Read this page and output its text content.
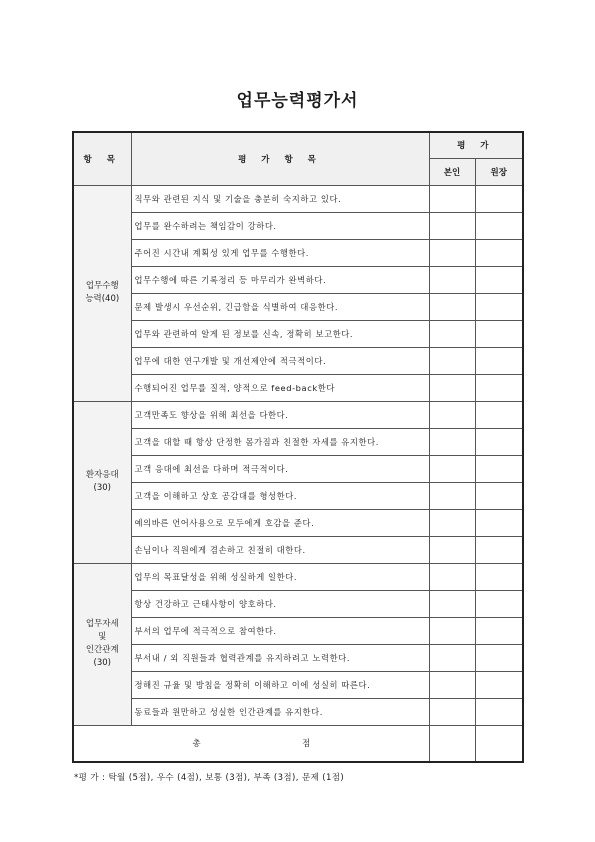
업무능력평가서
항 목	평 가 항 목	평 가	
		본인	원장

업무수행
능력(40)	직무와 관련된 지식 및 기술을 충분히 숙지하고 있다.		
	업무를 완수하려는 책임감이 강하다.		
	주어진 시간내 계획성 있게 업무를 수행한다.		
	업무수행에 따른 기록정리 등 마무리가 완벽하다.		
	문제 발생시 우선순위, 긴급함을 식별하여 대응한다.		
	업무와 관련하여 알게 된 정보를 신속, 정확히 보고한다.		
	업무에 대한 연구개발 및 개선제안에 적극적이다.		
	수행되어진 업무를 질적, 양적으로 feed-back한다		

환자응대
(30)	고객만족도 향상을 위해 최선을 다한다.		
	고객을 대할 때 항상 단정한 몸가짐과 친절한 자세를 유지한다.		
	고객 응대에 최선을 다하며 적극적이다.		
	고객을 이해하고 상호 공감대를 형성한다.		
	예의바른 언어사용으로 모두에게 호감을 준다.		
	손님이나 직원에게 겸손하고 친절히 대한다.		

업무자세
및
인간관계
(30)	업무의 목표달성을 위해 성실하게 일한다.		
	항상 건강하고 근태사항이 양호하다.		
	부서의 업무에 적극적으로 참여한다.		
	부서내 / 외 직원들과 협력관계를 유지하려고 노력한다.		
	정해진 규율 및 방침을 정확히 이해하고 이에 성실히 따른다.		
	동료들과 원만하고 성실한 인간관계를 유지한다.		
총 점			
*평 가 : 탁월 (5점), 우수 (4점), 보통 (3점), 부족 (3점), 문제 (1점)
